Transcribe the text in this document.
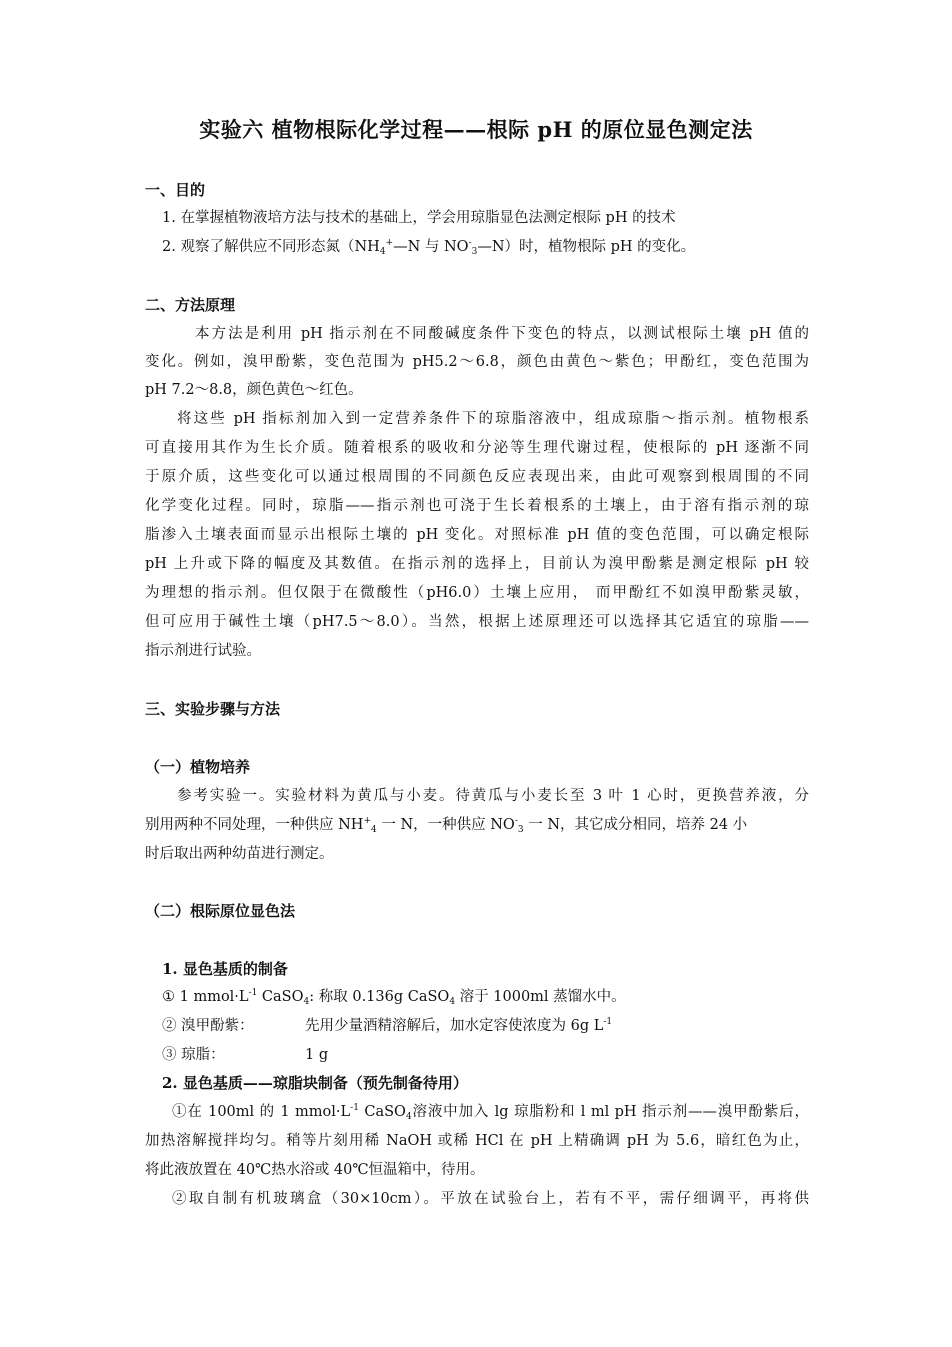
实验六 植物根际化学过程——根际 pH 的原位显色测定法
一、目的
1. 在掌握植物液培方法与技术的基础上，学会用琼脂显色法测定根际 pH 的技术
2. 观察了解供应不同形态氮（$NH_4^+—N$ 与 $NO^-_3—N$）时，植物根际 pH 的变化。
二、方法原理
本方法是利用 pH 指示剂在不同酸碱度条件下变色的特点，以测试根际土壤 pH 值的
变化。例如，溴甲酚紫，变色范围为 pH5.2～6.8，颜色由黄色～紫色；甲酚红，变色范围为
pH 7.2～8.8，颜色黄色～红色。
将这些 pH 指标剂加入到一定营养条件下的琼脂溶液中，组成琼脂～指示剂。植物根系
可直接用其作为生长介质。随着根系的吸收和分泌等生理代谢过程，使根际的 pH 逐渐不同
于原介质，这些变化可以通过根周围的不同颜色反应表现出来，由此可观察到根周围的不同
化学变化过程。同时，琼脂——指示剂也可浇于生长着根系的土壤上，由于溶有指示剂的琼
脂渗入土壤表面而显示出根际土壤的 pH 变化。对照标准 pH 值的变色范围，可以确定根际
pH 上升或下降的幅度及其数值。在指示剂的选择上，目前认为溴甲酚紫是测定根际 pH 较
为理想的指示剂。但仅限于在微酸性（pH6.0）土壤上应用， 而甲酚红不如溴甲酚紫灵敏，
但可应用于碱性土壤（pH7.5～8.0）。当然，根据上述原理还可以选择其它适宜的琼脂——
指示剂进行试验。
三、实验步骤与方法
（一）植物培养
参考实验一。实验材料为黄瓜与小麦。待黄瓜与小麦长至 3 叶 1 心时，更换营养液，分
别用两种不同处理，一种供应 $NH^+_4$ 一 N，一种供应 $NO^-_3$ 一 N，其它成分相同，培养 24 小
时后取出两种幼苗进行测定。
（二）根际原位显色法
1. 显色基质的制备
① 1 $mmol\cdot L^{-1}$ CaSO$_4$: 称取 0.136g CaSO$_4$ 溶于 1000ml 蒸馏水中。
② 溴甲酚紫：	先用少量酒精溶解后，加水定容使浓度为 6g $L^{-1}$
③ 琼脂：	1 g
2. 显色基质——琼脂块制备（预先制备待用）
①在 100ml 的 1 $mmol\cdot L^{-1}$ CaSO$_4$溶液中加入 lg 琼脂粉和 l ml pH 指示剂——溴甲酚紫后，
加热溶解搅拌均匀。稍等片刻用稀 NaOH 或稀 HCl 在 pH 上精确调 pH 为 5.6，暗红色为止，
将此液放置在 40℃热水浴或 40℃恒温箱中，待用。
②取自制有机玻璃盒（30×10cm）。平放在试验台上，若有不平，需仔细调平，再将供
